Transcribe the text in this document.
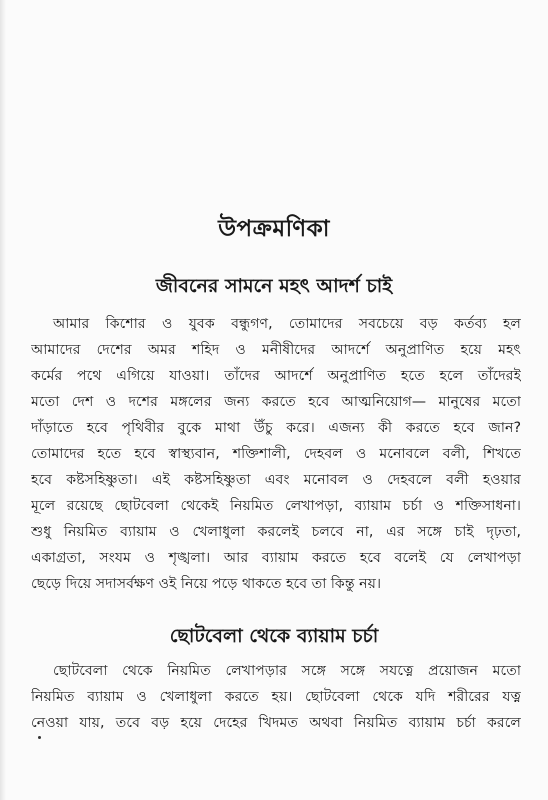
উপক্রমণিকা
জীবনের সামনে মহৎ আদর্শ চাই
আমার কিশোর ও যুবক বন্ধুগণ, তোমাদের সবচেয়ে বড় কর্তব্য হল
আমাদের দেশের অমর শহিদ ও মনীষীদের আদর্শে অনুপ্রাণিত হয়ে মহৎ
কর্মের পথে এগিয়ে যাওয়া। তাঁদের আদর্শে অনুপ্রাণিত হতে হলে তাঁদেরই
মতো দেশ ও দশের মঙ্গলের জন্য করতে হবে আত্মনিয়োগ— মানুষের মতো
দাঁড়াতে হবে পৃথিবীর বুকে মাথা উঁচু করে। এজন্য কী করতে হবে জান?
তোমাদের হতে হবে স্বাস্থ্যবান, শক্তিশালী, দেহবল ও মনোবলে বলী, শিখতে
হবে কষ্টসহিষ্ণুতা। এই কষ্টসহিষ্ণুতা এবং মনোবল ও দেহবলে বলী হওয়ার
মূলে রয়েছে ছোটবেলা থেকেই নিয়মিত লেখাপড়া, ব্যায়াম চর্চা ও শক্তিসাধনা।
শুধু নিয়মিত ব্যায়াম ও খেলাধুলা করলেই চলবে না, এর সঙ্গে চাই দৃঢ়তা,
একাগ্রতা, সংযম ও শৃঙ্খলা। আর ব্যায়াম করতে হবে বলেই যে লেখাপড়া
ছেড়ে দিয়ে সদাসর্বক্ষণ ওই নিয়ে পড়ে থাকতে হবে তা কিন্তু নয়।
ছোটবেলা থেকে ব্যায়াম চর্চা
ছোটবেলা থেকে নিয়মিত লেখাপড়ার সঙ্গে সঙ্গে সযত্নে প্রয়োজন মতো
নিয়মিত ব্যায়াম ও খেলাধুলা করতে হয়। ছোটবেলা থেকে যদি শরীরের যত্ন
নেওয়া যায়, তবে বড় হয়ে দেহের খিদমত অথবা নিয়মিত ব্যায়াম চর্চা করলে
